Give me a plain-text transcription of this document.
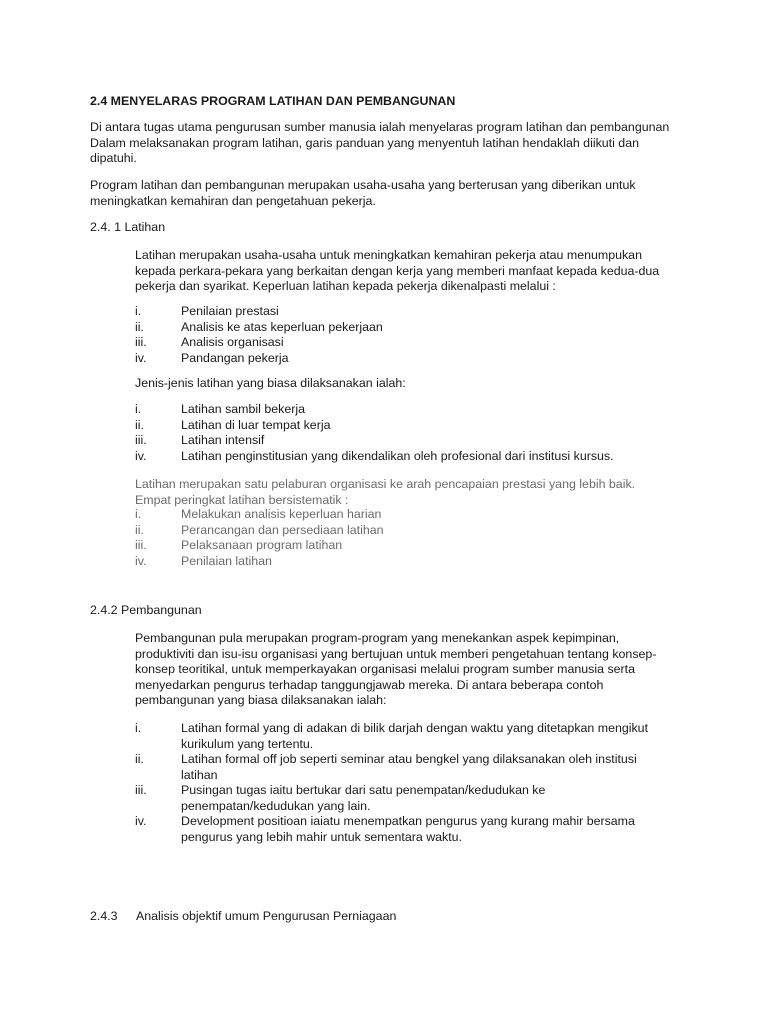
2.4 MENYELARAS PROGRAM LATIHAN DAN PEMBANGUNAN
Di antara tugas utama pengurusan sumber manusia ialah menyelaras program latihan dan pembangunan
Dalam melaksanakan program latihan, garis panduan yang menyentuh latihan hendaklah diikuti dan
dipatuhi.
Program latihan dan pembangunan merupakan usaha-usaha yang berterusan yang diberikan untuk
meningkatkan kemahiran dan pengetahuan pekerja.
2.4. 1 Latihan
Latihan merupakan usaha-usaha untuk meningkatkan kemahiran pekerja atau menumpukan
kepada perkara-pekara yang berkaitan dengan kerja yang memberi manfaat kepada kedua-dua
pekerja dan syarikat. Keperluan latihan kepada pekerja dikenalpasti melalui :
i.	Penilaian prestasi
ii.	Analisis ke atas keperluan pekerjaan
iii.	Analisis organisasi
iv.	Pandangan pekerja
Jenis-jenis latihan yang biasa dilaksanakan ialah:
i.	Latihan sambil bekerja
ii.	Latihan di luar tempat kerja
iii.	Latihan intensif
iv.	Latihan penginstitusian yang dikendalikan oleh profesional dari institusi kursus.
Latihan merupakan satu pelaburan organisasi ke arah pencapaian prestasi yang lebih baik.
Empat peringkat latihan bersistematik :
i.	Melakukan analisis keperluan harian
ii.	Perancangan dan persediaan latihan
iii.	Pelaksanaan program latihan
iv.	Penilaian latihan
2.4.2 Pembangunan
Pembangunan pula merupakan program-program yang menekankan aspek kepimpinan,
produktiviti dan isu-isu organisasi yang bertujuan untuk memberi pengetahuan tentang konsep-
konsep teoritikal, untuk memperkayakan organisasi melalui program sumber manusia serta
menyedarkan pengurus terhadap tanggungjawab mereka. Di antara beberapa contoh
pembangunan yang biasa dilaksanakan ialah:
i.	Latihan formal yang di adakan di bilik darjah dengan waktu yang ditetapkan mengikut
kurikulum yang tertentu.
ii.	Latihan formal off job seperti seminar atau bengkel yang dilaksanakan oleh institusi
latihan
iii.	Pusingan tugas iaitu bertukar dari satu penempatan/kedudukan ke
penempatan/kedudukan yang lain.
iv.	Development positioan iaiatu menempatkan pengurus yang kurang mahir bersama
pengurus yang lebih mahir untuk sementara waktu.
2.4.3 Analisis objektif umum Pengurusan Perniagaan
